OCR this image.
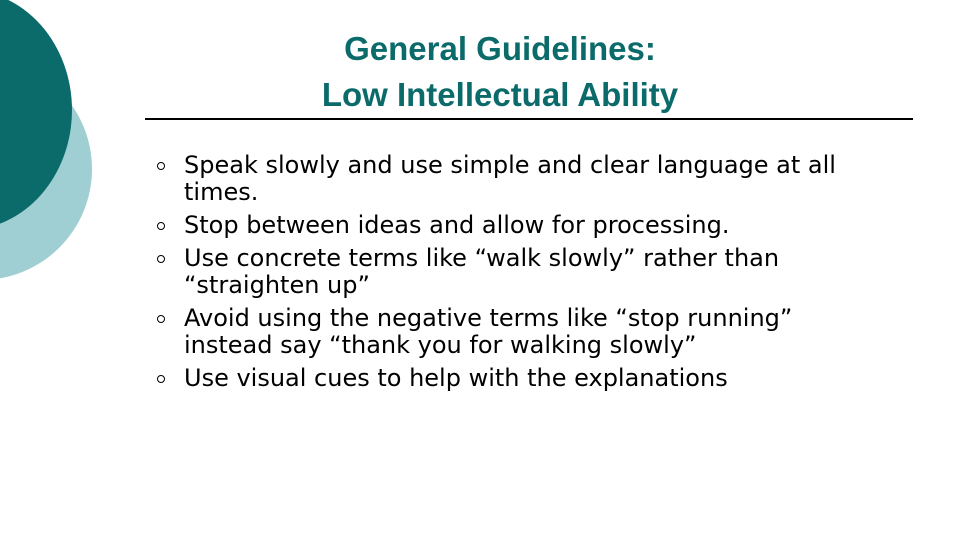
General Guidelines:
Low Intellectual Ability
Speak slowly and use simple and clear language at all times.
Stop between ideas and allow for processing.
Use concrete terms like “walk slowly” rather than “straighten up”
Avoid using the negative terms like “stop running” instead say “thank you for walking slowly”
Use visual cues to help with the explanations
